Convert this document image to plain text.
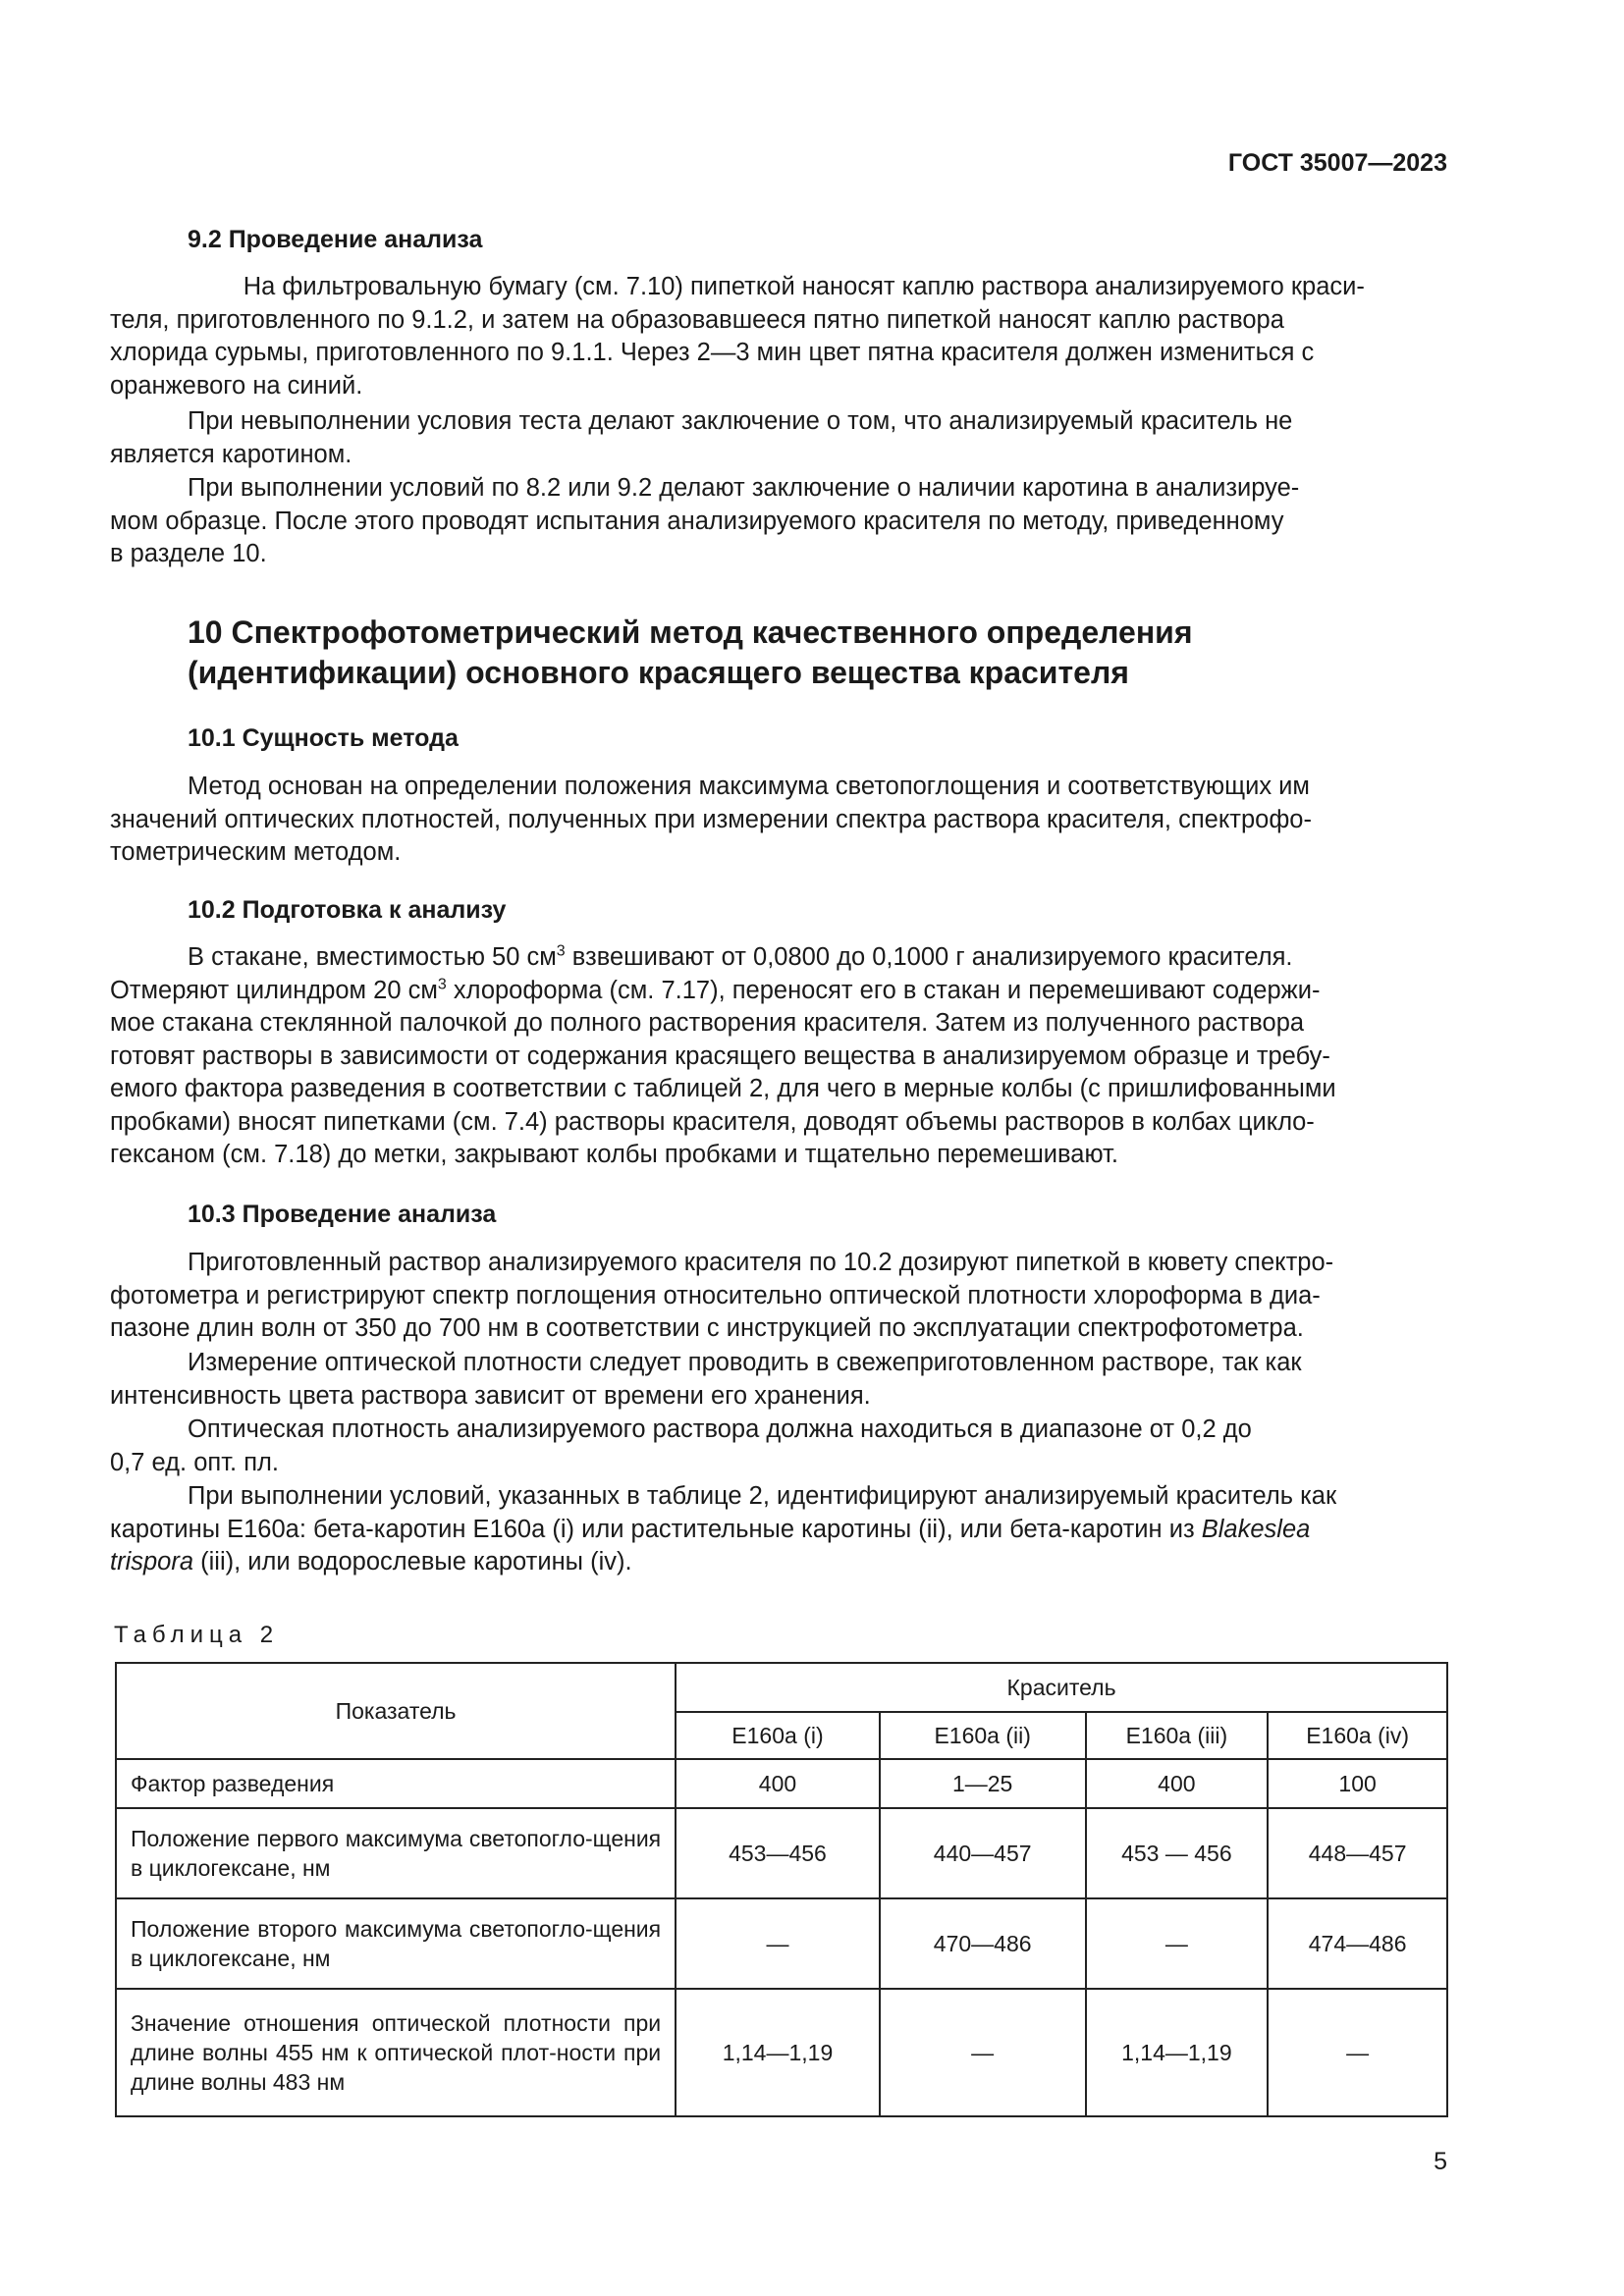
ГОСТ 35007—2023
9.2 Проведение анализа
На фильтровальную бумагу (см. 7.10) пипеткой наносят каплю раствора анализируемого краси-
теля, приготовленного по 9.1.2, и затем на образовавшееся пятно пипеткой наносят каплю раствора
хлорида сурьмы, приготовленного по 9.1.1. Через 2—3 мин цвет пятна красителя должен измениться с
оранжевого на синий.
При невыполнении условия теста делают заключение о том, что анализируемый краситель не
является каротином.
При выполнении условий по 8.2 или 9.2 делают заключение о наличии каротина в анализируе-
мом образце. После этого проводят испытания анализируемого красителя по методу, приведенному
в разделе 10.
10 Спектрофотометрический метод качественного определения
(идентификации) основного красящего вещества красителя
10.1 Сущность метода
Метод основан на определении положения максимума светопоглощения и соответствующих им
значений оптических плотностей, полученных при измерении спектра раствора красителя, спектрофо-
тометрическим методом.
10.2 Подготовка к анализу
В стакане, вместимостью 50 $см^3$ взвешивают от 0,0800 до 0,1000 г анализируемого красителя.
Отмеряют цилиндром 20 $см^3$ хлороформа (см. 7.17), переносят его в стакан и перемешивают содержи-
мое стакана стеклянной палочкой до полного растворения красителя. Затем из полученного раствора
готовят растворы в зависимости от содержания красящего вещества в анализируемом образце и требу-
емого фактора разведения в соответствии с таблицей 2, для чего в мерные колбы (с пришлифованными
пробками) вносят пипетками (см. 7.4) растворы красителя, доводят объемы растворов в колбах циклo-
гексаном (см. 7.18) до метки, закрывают колбы пробками и тщательно перемешивают.
10.3 Проведение анализа
Приготовленный раствор анализируемого красителя по 10.2 дозируют пипеткой в кювету спектро-
фотометра и регистрируют спектр поглощения относительно оптической плотности хлороформа в диа-
пазоне длин волн от 350 до 700 нм в соответствии с инструкцией по эксплуатации спектрофотометра.
Измерение оптической плотности следует проводить в свежеприготовленном растворе, так как
интенсивность цвета раствора зависит от времени его хранения.
Оптическая плотность анализируемого раствора должна находиться в диапазоне от 0,2 до
0,7 ед. опт. пл.
При выполнении условий, указанных в таблице 2, идентифицируют анализируемый краситель как
каротины E160a: бета-каротин E160a (i) или растительные каротины (ii), или бета-каротин из Blakeslea
trispora (iii), или водорослевые каротины (iv).
Таблица 2
Показатель	Краситель			
	E160a (i)	E160a (ii)	E160a (iii)	E160a (iv)
Фактор разведения	400	1—25	400	100
Положение первого максимума светопогло-щения в циклогексане, нм	453—456	440—457	453 — 456	448—457
Положение второго максимума светопогло-щения в циклогексане, нм	—	470—486	—	474—486
Значение отношения оптической плотности при длине волны 455 нм к оптической плот-ности при длине волны 483 нм	1,14—1,19	—	1,14—1,19	—
5
